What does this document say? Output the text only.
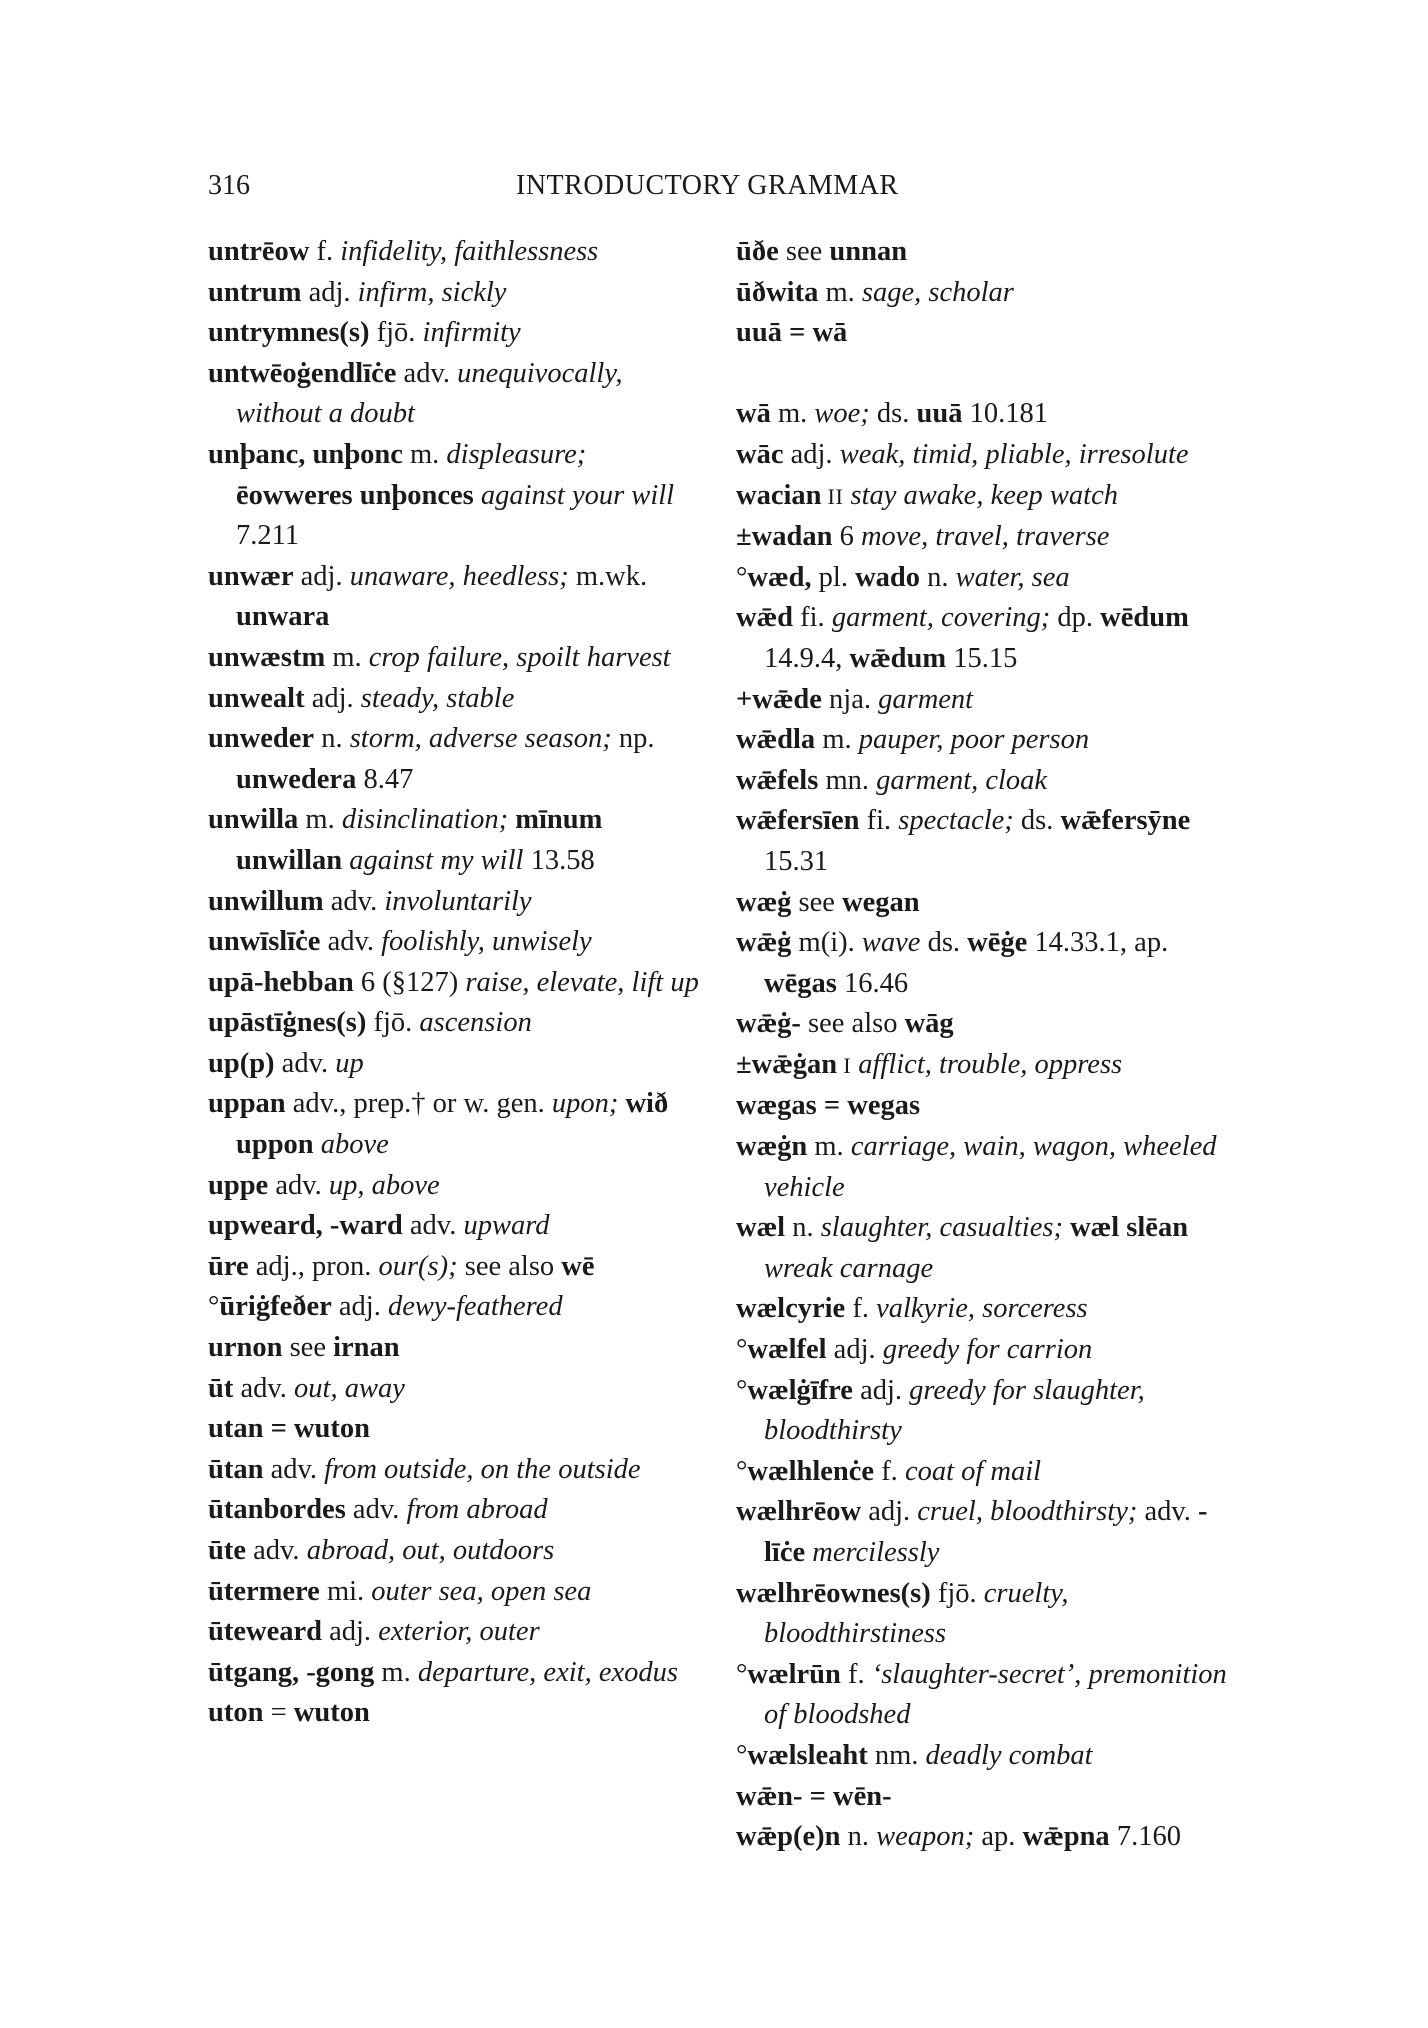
316	INTRODUCTORY GRAMMAR

untrēow f. infidelity, faithlessness

untrum adj. infirm, sickly

untrymnes(s) fjō. infirmity

untwēoġendlīċe adv. unequivocally, without a doubt

unþanc, unþonc m. displeasure; ēowweres unþonces against your will 7.211

unwær adj. unaware, heedless; m.wk. unwara

unwæstm m. crop failure, spoilt harvest

unwealt adj. steady, stable

unweder n. storm, adverse season; np. unwedera 8.47

unwilla m. disinclination; mīnum unwillan against my will 13.58

unwillum adv. involuntarily

unwīslīċe adv. foolishly, unwisely

upā-hebban 6 (§127) raise, elevate, lift up

upāstīġnes(s) fjō. ascension

up(p) adv. up

uppan adv., prep.† or w. gen. upon; wið uppon above

uppe adv. up, above

upweard, -ward adv. upward

ūre adj., pron. our(s); see also wē

°ūriġfeðer adj. dewy-feathered

urnon see irnan

ūt adv. out, away

utan = wuton

ūtan adv. from outside, on the outside

ūtanbordes adv. from abroad

ūte adv. abroad, out, outdoors

ūtermere mi. outer sea, open sea

ūteweard adj. exterior, outer

ūtgang, -gong m. departure, exit, exodus

uton = wuton

ūðe see unnan

ūðwita m. sage, scholar

uuā = wā

wā m. woe; ds. uuā 10.181

wāc adj. weak, timid, pliable, irresolute

wacian II stay awake, keep watch

±wadan 6 move, travel, traverse

°wæd, pl. wado n. water, sea

wǣd fi. garment, covering; dp. wēdum 14.9.4, wǣdum 15.15

+wǣde nja. garment

wǣdla m. pauper, poor person

wǣfels mn. garment, cloak

wǣfersīen fi. spectacle; ds. wǣfersȳne 15.31

wæġ see wegan

wǣġ m(i). wave ds. wēġe 14.33.1, ap. wēgas 16.46

wǣġ- see also wāg

±wǣġan I afflict, trouble, oppress

wægas = wegas

wæġn m. carriage, wain, wagon, wheeled vehicle

wæl n. slaughter, casualties; wæl slēan wreak carnage

wælcyrie f. valkyrie, sorceress

°wælfel adj. greedy for carrion

°wælġīfre adj. greedy for slaughter, bloodthirsty

°wælhlenċe f. coat of mail

wælhrēow adj. cruel, bloodthirsty; adv. -līċe mercilessly

wælhrēownes(s) fjō. cruelty, bloodthirstiness

°wælrūn f. ‘slaughter-secret’, premonition of bloodshed

°wælsleaht nm. deadly combat

wǣn- = wēn-

wǣp(e)n n. weapon; ap. wǣpna 7.160
